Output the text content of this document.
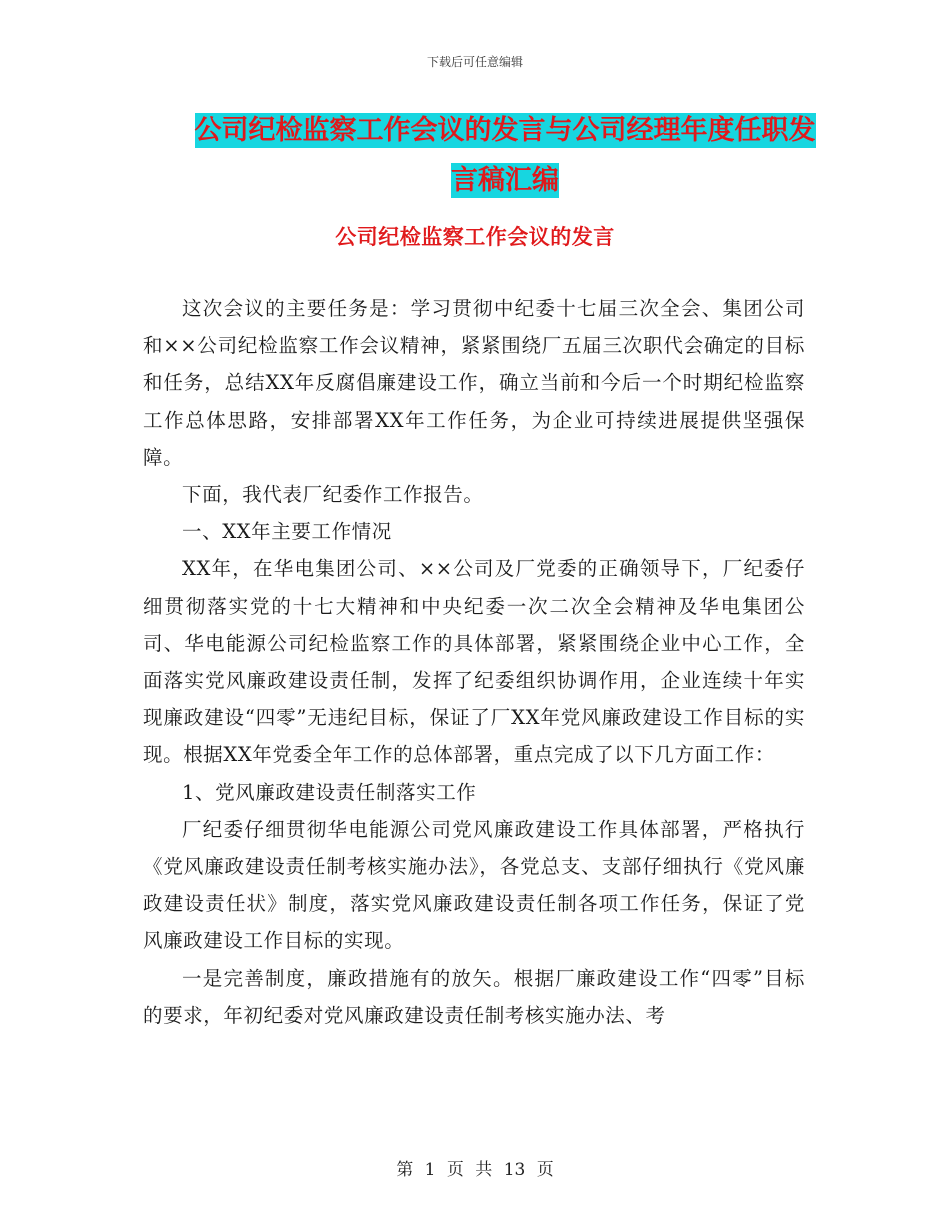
下载后可任意编辑
公司纪检监察工作会议的发言与公司经理年度任职发
言稿汇编
公司纪检监察工作会议的发言

这次会议的主要任务是：学习贯彻中纪委十七届三次全会、集团公司和××公司纪检监察工作会议精神，紧紧围绕厂五届三次职代会确定的目标和任务，总结XX年反腐倡廉建设工作，确立当前和今后一个时期纪检监察工作总体思路，安排部署XX年工作任务，为企业可持续进展提供坚强保障。

下面，我代表厂纪委作工作报告。

一、XX年主要工作情况

XX年，在华电集团公司、××公司及厂党委的正确领导下，厂纪委仔细贯彻落实党的十七大精神和中央纪委一次二次全会精神及华电集团公司、华电能源公司纪检监察工作的具体部署，紧紧围绕企业中心工作，全面落实党风廉政建设责任制，发挥了纪委组织协调作用，企业连续十年实现廉政建设“四零”无违纪目标，保证了厂XX年党风廉政建设工作目标的实现。根据XX年党委全年工作的总体部署，重点完成了以下几方面工作：

1、党风廉政建设责任制落实工作

厂纪委仔细贯彻华电能源公司党风廉政建设工作具体部署，严格执行《党风廉政建设责任制考核实施办法》，各党总支、支部仔细执行《党风廉政建设责任状》制度，落实党风廉政建设责任制各项工作任务，保证了党风廉政建设工作目标的实现。

一是完善制度，廉政措施有的放矢。根据厂廉政建设工作“四零”目标的要求，年初纪委对党风廉政建设责任制考核实施办法、考

第 1 页 共 13 页
